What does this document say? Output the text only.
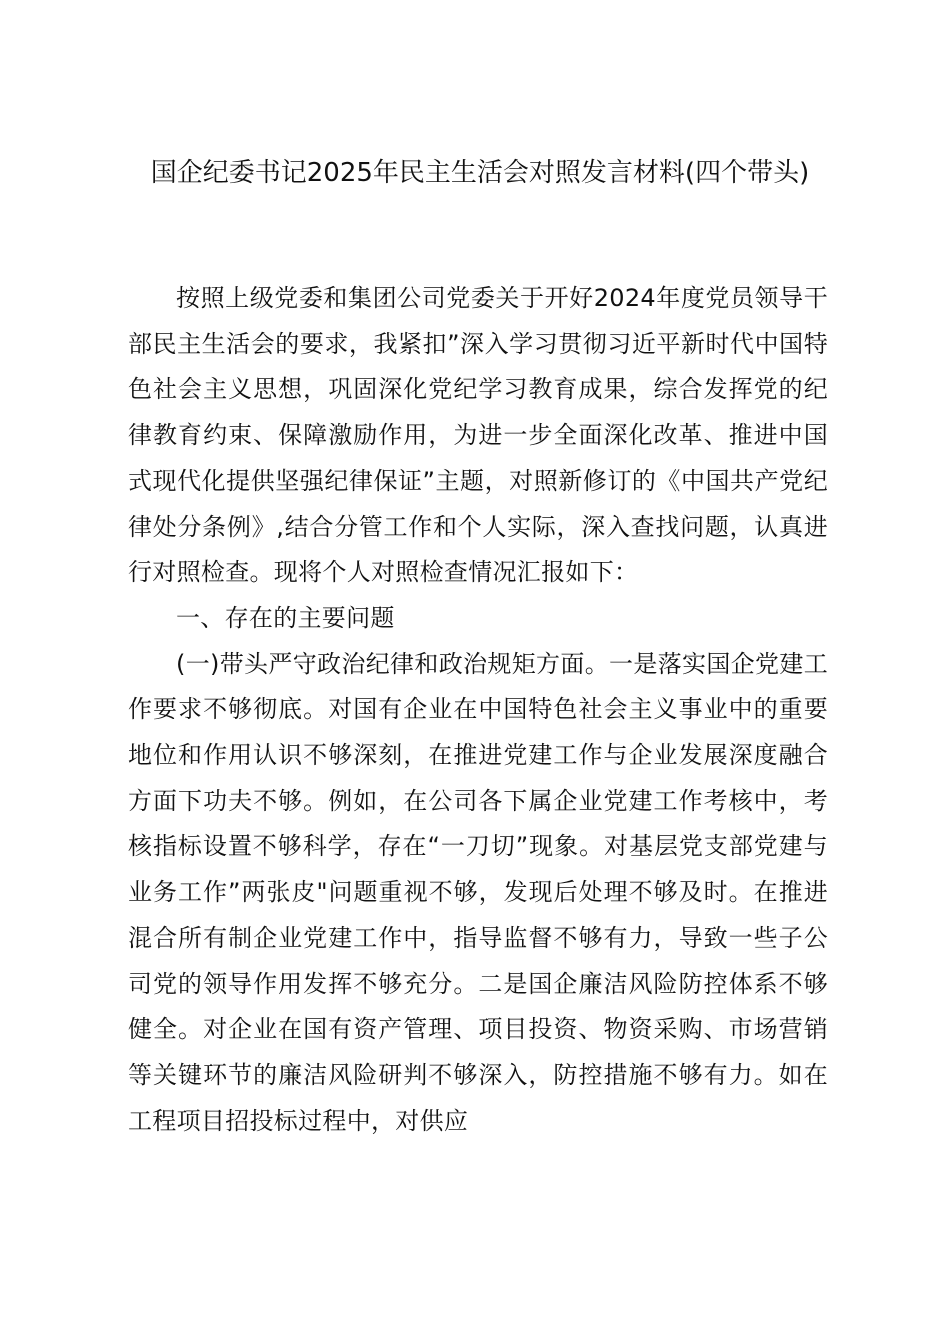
国企纪委书记2025年民主生活会对照发言材料(四个带头)

按照上级党委和集团公司党委关于开好2024年度党员领导干部民主生活会的要求，我紧扣”深入学习贯彻习近平新时代中国特色社会主义思想，巩固深化党纪学习教育成果，综合发挥党的纪律教育约束、保障激励作用，为进一步全面深化改革、推进中国式现代化提供坚强纪律保证”主题，对照新修订的《中国共产党纪律处分条例》,结合分管工作和个人实际，深入查找问题，认真进行对照检查。现将个人对照检查情况汇报如下：

一、存在的主要问题

(一)带头严守政治纪律和政治规矩方面。一是落实国企党建工作要求不够彻底。对国有企业在中国特色社会主义事业中的重要地位和作用认识不够深刻，在推进党建工作与企业发展深度融合方面下功夫不够。例如，在公司各下属企业党建工作考核中，考核指标设置不够科学，存在“一刀切”现象。对基层党支部党建与业务工作”两张皮"问题重视不够，发现后处理不够及时。在推进混合所有制企业党建工作中，指导监督不够有力，导致一些子公司党的领导作用发挥不够充分。二是国企廉洁风险防控体系不够健全。对企业在国有资产管理、项目投资、物资采购、市场营销等关键环节的廉洁风险研判不够深入，防控措施不够有力。如在工程项目招投标过程中，对供应
